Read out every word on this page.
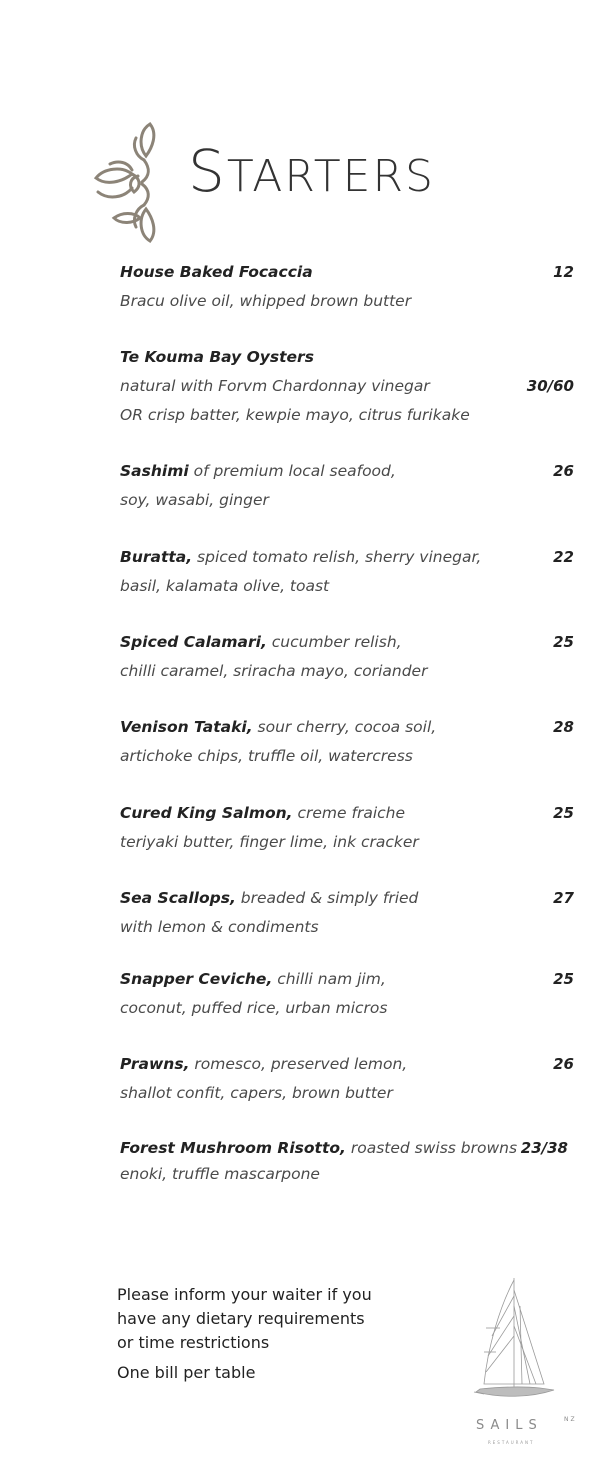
STARTERS
House Baked Focaccia
Bracu olive oil, whipped brown butter
12
Te Kouma Bay Oysters
natural with Forvm Chardonnay vinegar
OR crisp batter, kewpie mayo, citrus furikake
30/60
Sashimi of premium local seafood,
soy, wasabi, ginger
26
Buratta, spiced tomato relish, sherry vinegar,
basil, kalamata olive, toast
22
Spiced Calamari, cucumber relish,
chilli caramel, sriracha mayo, coriander
25
Venison Tataki, sour cherry, cocoa soil,
artichoke chips, truffle oil, watercress
28
Cured King Salmon, creme fraiche
teriyaki butter, finger lime, ink cracker
25
Sea Scallops, breaded & simply fried
with lemon & condiments
27
Snapper Ceviche, chilli nam jim,
coconut, puffed rice, urban micros
25
Prawns, romesco, preserved lemon,
shallot confit, capers, brown butter
26
Forest Mushroom Risotto, roasted swiss browns
enoki, truffle mascarpone
23/38
Please inform your waiter if you
have any dietary requirements
or time restrictions
One bill per table
SAILS	NZ
RESTAURANT
